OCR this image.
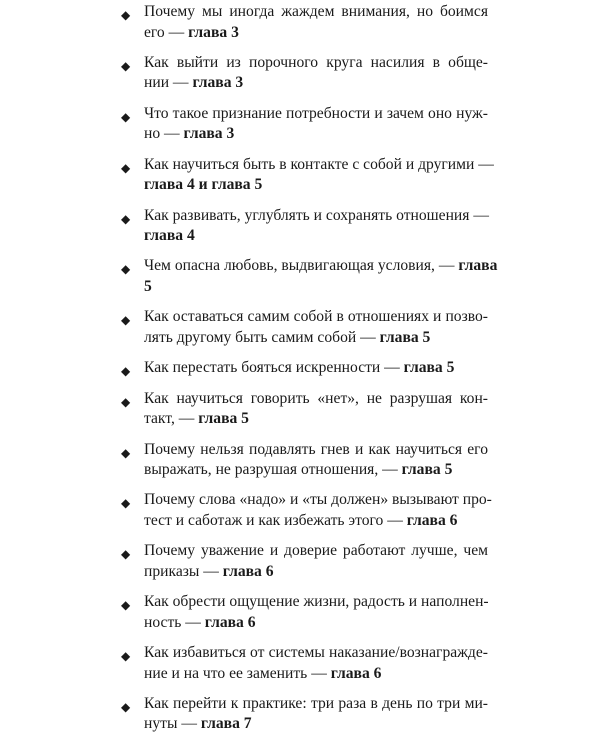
◆ Почему мы иногда жаждем внимания, но боимся
его — глава 3
◆ Как выйти из порочного круга насилия в обще-
нии — глава 3
◆ Что такое признание потребности и зачем оно нуж-
но — глава 3
◆ Как научиться быть в контакте с собой и другими —
глава 4 и глава 5
◆ Как развивать, углублять и сохранять отношения —
глава 4
◆ Чем опасна любовь, выдвигающая условия, — глава
5
◆ Как оставаться самим собой в отношениях и позво-
лять другому быть самим собой — глава 5
◆ Как перестать бояться искренности — глава 5
◆ Как научиться говорить «нет», не разрушая кон-
такт, — глава 5
◆ Почему нельзя подавлять гнев и как научиться его
выражать, не разрушая отношения, — глава 5
◆ Почему слова «надо» и «ты должен» вызывают про-
тест и саботаж и как избежать этого — глава 6
◆ Почему уважение и доверие работают лучше, чем
приказы — глава 6
◆ Как обрести ощущение жизни, радость и наполнен-
ность — глава 6
◆ Как избавиться от системы наказание/вознагражде-
ние и на что ее заменить — глава 6
◆ Как перейти к практике: три раза в день по три ми-
нуты — глава 7
